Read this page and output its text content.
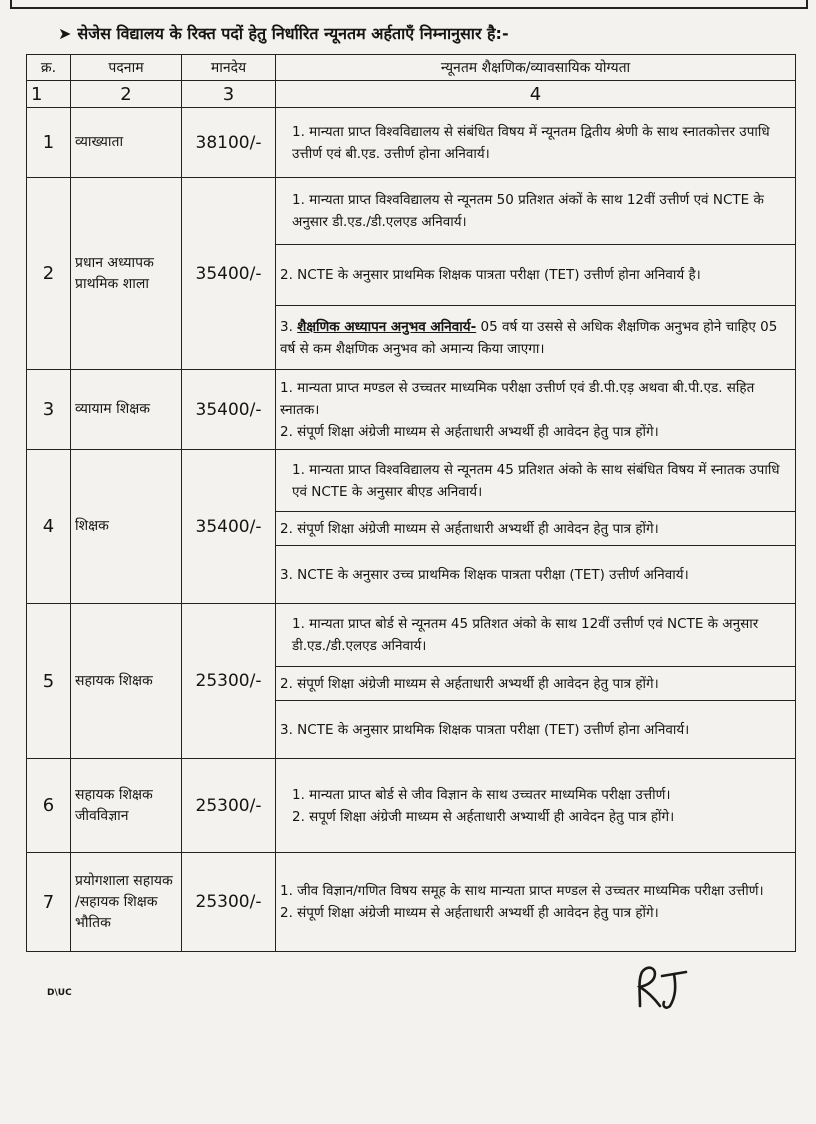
➤ सेजेस विद्यालय के रिक्त पदों हेतु निर्धारित न्यूनतम अर्हताएँ निम्नानुसार है:-
क्र.	पदनाम	मानदेय	न्यूनतम शैक्षणिक/व्यावसायिक योग्यता
1	2	3	4
1	व्याख्याता	38100/-	1. मान्यता प्राप्त विश्वविद्यालय से संबंधित विषय में न्यूनतम द्वितीय श्रेणी के साथ स्नातकोत्तर उपाधि उत्तीर्ण एवं बी.एड. उत्तीर्ण होना अनिवार्य।
2	प्रधान अध्यापक प्राथमिक शाला	35400/-	1. मान्यता प्राप्त विश्वविद्यालय से न्यूनतम 50 प्रतिशत अंकों के साथ 12वीं उत्तीर्ण एवं NCTE के अनुसार डी.एड./डी.एलएड अनिवार्य।
			2. NCTE के अनुसार प्राथमिक शिक्षक पात्रता परीक्षा (TET) उत्तीर्ण होना अनिवार्य है।
			3. शैक्षणिक अध्यापन अनुभव अनिवार्य- 05 वर्ष या उससे से अधिक शैक्षणिक अनुभव होने चाहिए 05 वर्ष से कम शैक्षणिक अनुभव को अमान्य किया जाएगा।
3	व्यायाम शिक्षक	35400/-	1. मान्यता प्राप्त मण्डल से उच्चतर माध्यमिक परीक्षा उत्तीर्ण एवं डी.पी.एड़ अथवा बी.पी.एड. सहित स्नातक।
2. संपूर्ण शिक्षा अंग्रेजी माध्यम से अर्हताधारी अभ्यर्थी ही आवेदन हेतु पात्र होंगे।

4	शिक्षक	35400/-	1. मान्यता प्राप्त विश्वविद्यालय से न्यूनतम 45 प्रतिशत अंको के साथ संबंधित विषय में स्नातक उपाधि एवं NCTE के अनुसार बीएड अनिवार्य।
			2. संपूर्ण शिक्षा अंग्रेजी माध्यम से अर्हताधारी अभ्यर्थी ही आवेदन हेतु पात्र होंगे।
			3. NCTE के अनुसार उच्च प्राथमिक शिक्षक पात्रता परीक्षा (TET) उत्तीर्ण अनिवार्य।
5	सहायक शिक्षक	25300/-	1. मान्यता प्राप्त बोर्ड से न्यूनतम 45 प्रतिशत अंको के साथ 12वीं उत्तीर्ण एवं NCTE के अनुसार डी.एड./डी.एलएड अनिवार्य।
			2. संपूर्ण शिक्षा अंग्रेजी माध्यम से अर्हताधारी अभ्यर्थी ही आवेदन हेतु पात्र होंगे।
			3. NCTE के अनुसार प्राथमिक शिक्षक पात्रता परीक्षा (TET) उत्तीर्ण होना अनिवार्य।
6	सहायक शिक्षक जीवविज्ञान	25300/-	1. मान्यता प्राप्त बोर्ड से जीव विज्ञान के साथ उच्चतर माध्यमिक परीक्षा उत्तीर्ण।
2. सपूर्ण शिक्षा अंग्रेजी माध्यम से अर्हताधारी अभ्यार्थी ही आवेदन हेतु पात्र होंगे।

7	प्रयोगशाला सहायक /सहायक शिक्षक भौतिक	25300/-	1. जीव विज्ञान/गणित विषय समूह के साथ मान्यता प्राप्त मण्डल से उच्चतर माध्यमिक परीक्षा उत्तीर्ण।
2. संपूर्ण शिक्षा अंग्रेजी माध्यम से अर्हताधारी अभ्यर्थी ही आवेदन हेतु पात्र होंगे।
D\UC
